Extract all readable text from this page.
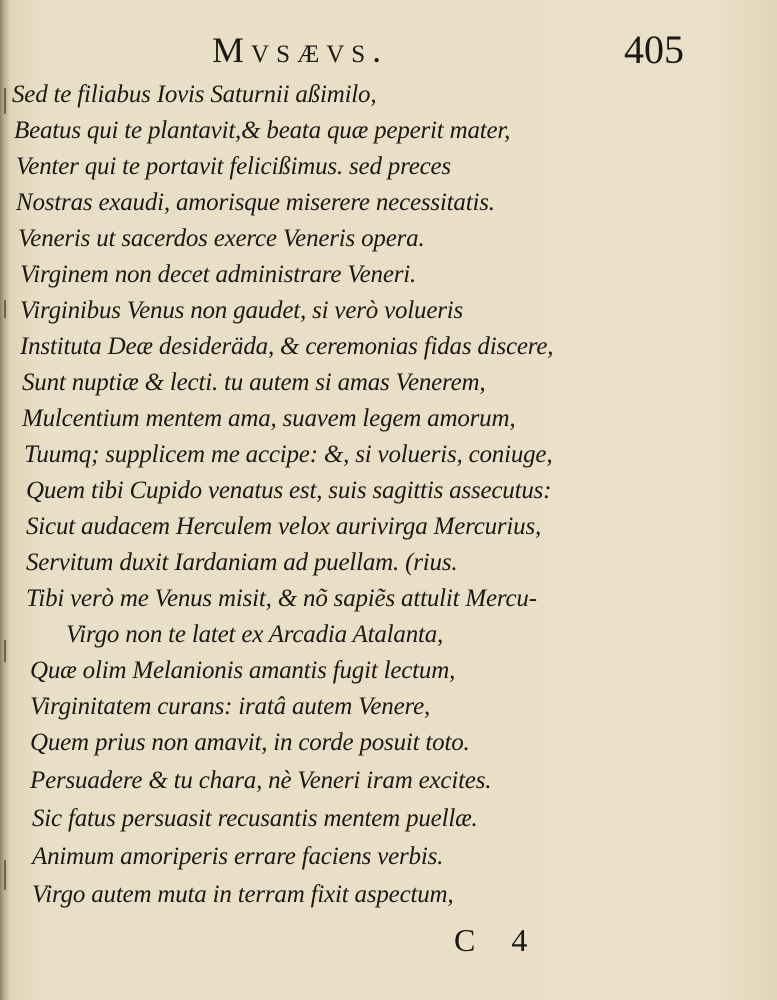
Mvsævs.	405
Sed te filiabus Iovis Saturnii aßimilo,
Beatus qui te plantavit,& beata quæ peperit mater,
Venter qui te portavit felicißimus. sed preces
Nostras exaudi, amorisque miserere necessitatis.
Veneris ut sacerdos exerce Veneris opera.
Virginem non decet administrare Veneri.
Virginibus Venus non gaudet, si verò volueris
Instituta Deæ desideräda, & ceremonias fidas discere,
Sunt nuptiæ & lecti. tu autem si amas Venerem,
Mulcentium mentem ama, suavem legem amorum,
Tuumq; supplicem me accipe: &, si volueris, coniuge,
Quem tibi Cupido venatus est, suis sagittis assecutus:
Sicut audacem Herculem velox aurivirga Mercurius,
Servitum duxit Iardaniam ad puellam. (rius.
Tibi verò me Venus misit, & nõ sapiẽs attulit Mercu-
Virgo non te latet ex Arcadia Atalanta,
Quæ olim Melanionis amantis fugit lectum,
Virginitatem curans: iratâ autem Venere,
Quem prius non amavit, in corde posuit toto.
Persuadere & tu chara, nè Veneri iram excites.
Sic fatus persuasit recusantis mentem puellæ.
Animum amoriperis errare faciens verbis.
Virgo autem muta in terram fixit aspectum,
C 4
